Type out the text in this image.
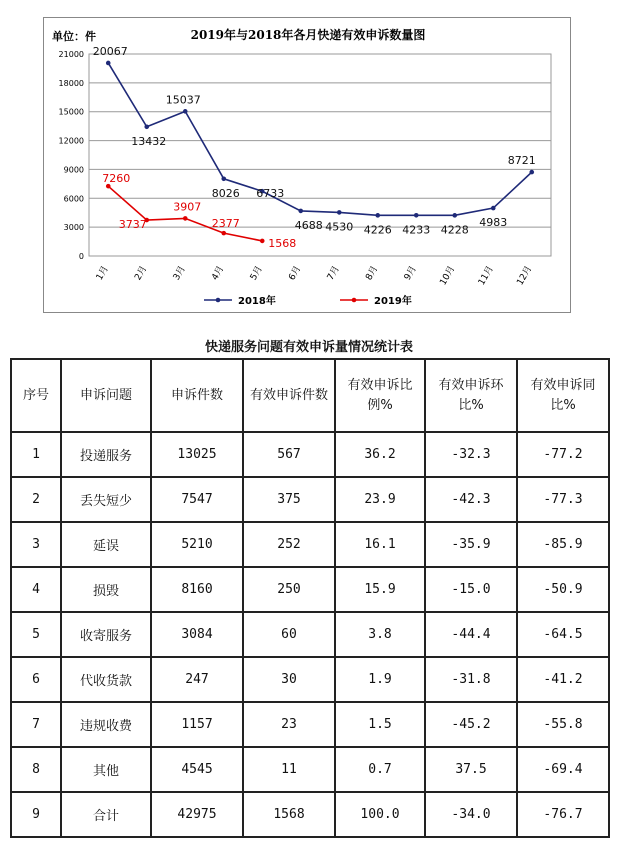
2019年与2018年各月快递有效申诉数量图
单位：件
0
3000
6000
9000
12000
15000
18000
21000
1月 2月 3月 4月 5月 6月 7月 8月 9月 10月 11月 12月
20067
13432
15037
8026 6733
4688 4530 4226 4233 4228
4983
8721
7260
3737
3907
2377
1568
2018年	2019年
快递服务问题有效申诉量情况统计表
序号	申诉问题	申诉件数	有效申诉件数	有效申诉比例%	有效申诉环比%	有效申诉同比%
1	投递服务	13025	567	36.2	-32.3	-77.2
2	丢失短少	7547	375	23.9	-42.3	-77.3
3	延误	5210	252	16.1	-35.9	-85.9
4	损毁	8160	250	15.9	-15.0	-50.9
5	收寄服务	3084	60	3.8	-44.4	-64.5
6	代收货款	247	30	1.9	-31.8	-41.2
7	违规收费	1157	23	1.5	-45.2	-55.8
8	其他	4545	11	0.7	37.5	-69.4
9	合计	42975	1568	100.0	-34.0	-76.7
